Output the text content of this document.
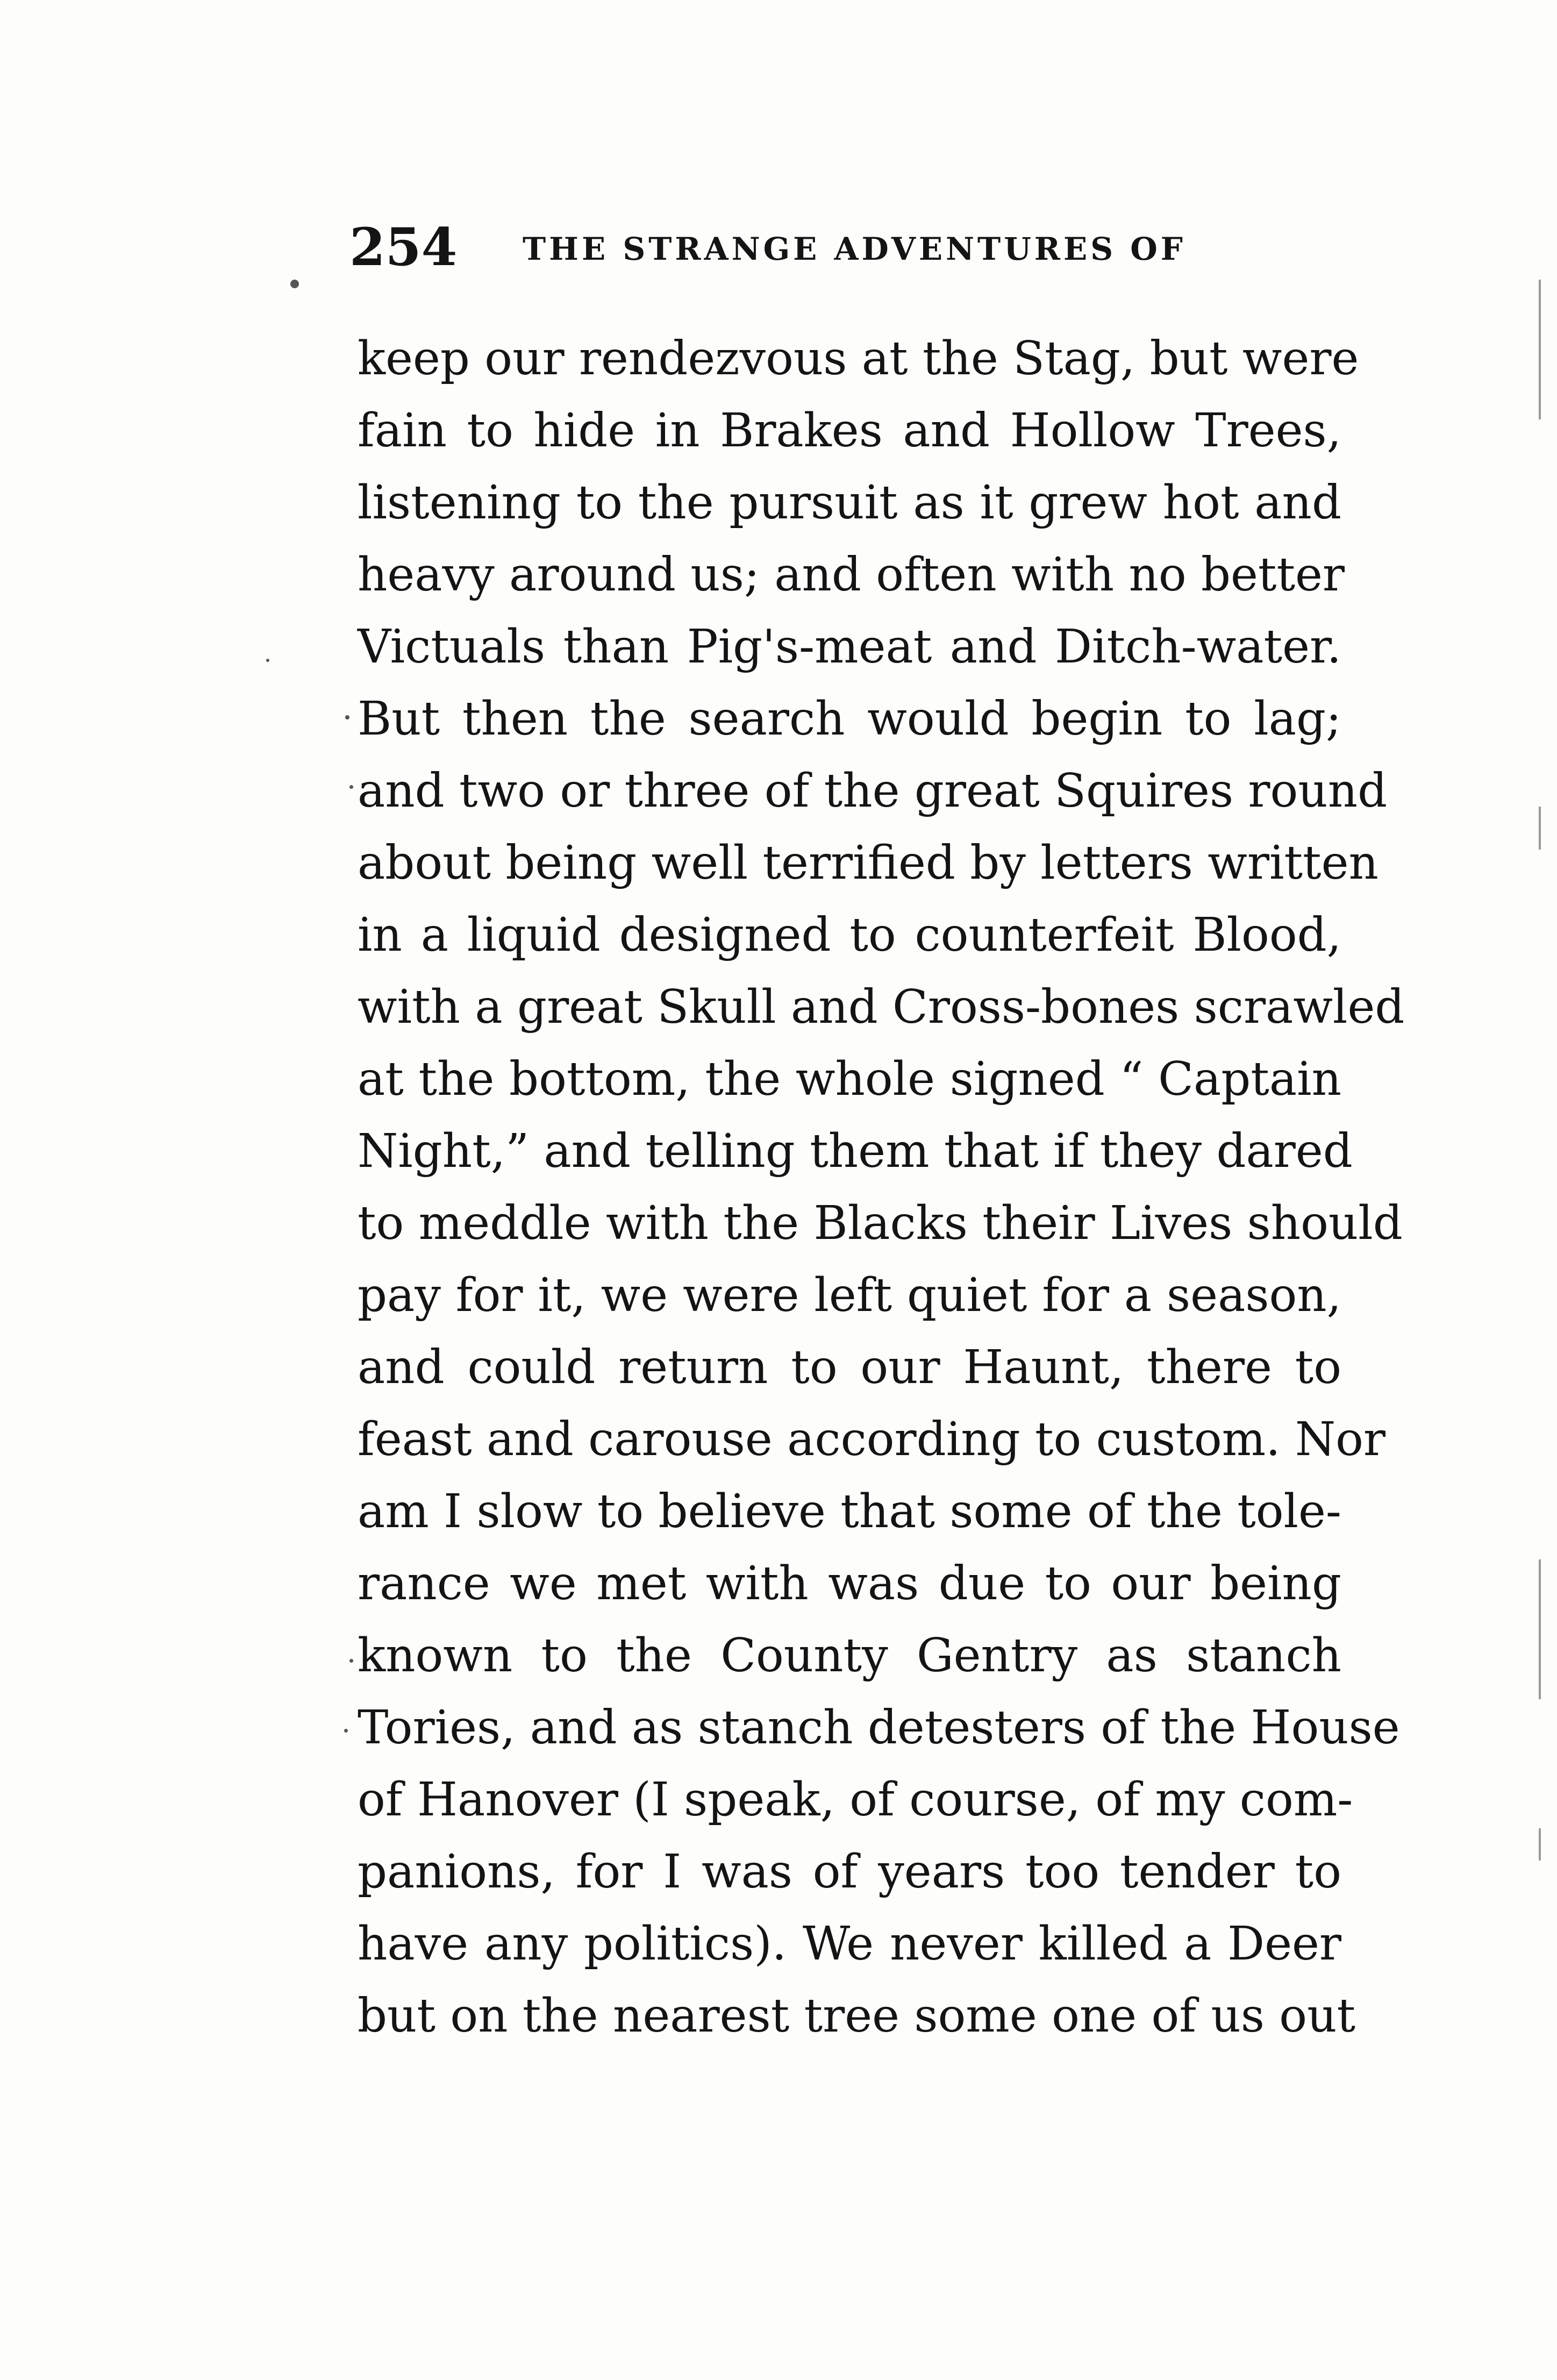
254 THE STRANGE ADVENTURES OF
keep our rendezvous at the Stag, but were
fain to hide in Brakes and Hollow Trees,
listening to the pursuit as it grew hot and
heavy around us; and often with no better
Victuals than Pig's-meat and Ditch-water.
But then the search would begin to lag;
and two or three of the great Squires round
about being well terrified by letters written
in a liquid designed to counterfeit Blood,
with a great Skull and Cross-bones scrawled
at the bottom, the whole signed “ Captain
Night,” and telling them that if they dared
to meddle with the Blacks their Lives should
pay for it, we were left quiet for a season,
and could return to our Haunt, there to
feast and carouse according to custom. Nor
am I slow to believe that some of the tole-
rance we met with was due to our being
known to the County Gentry as stanch
Tories, and as stanch detesters of the House
of Hanover (I speak, of course, of my com-
panions, for I was of years too tender to
have any politics). We never killed a Deer
but on the nearest tree some one of us out
